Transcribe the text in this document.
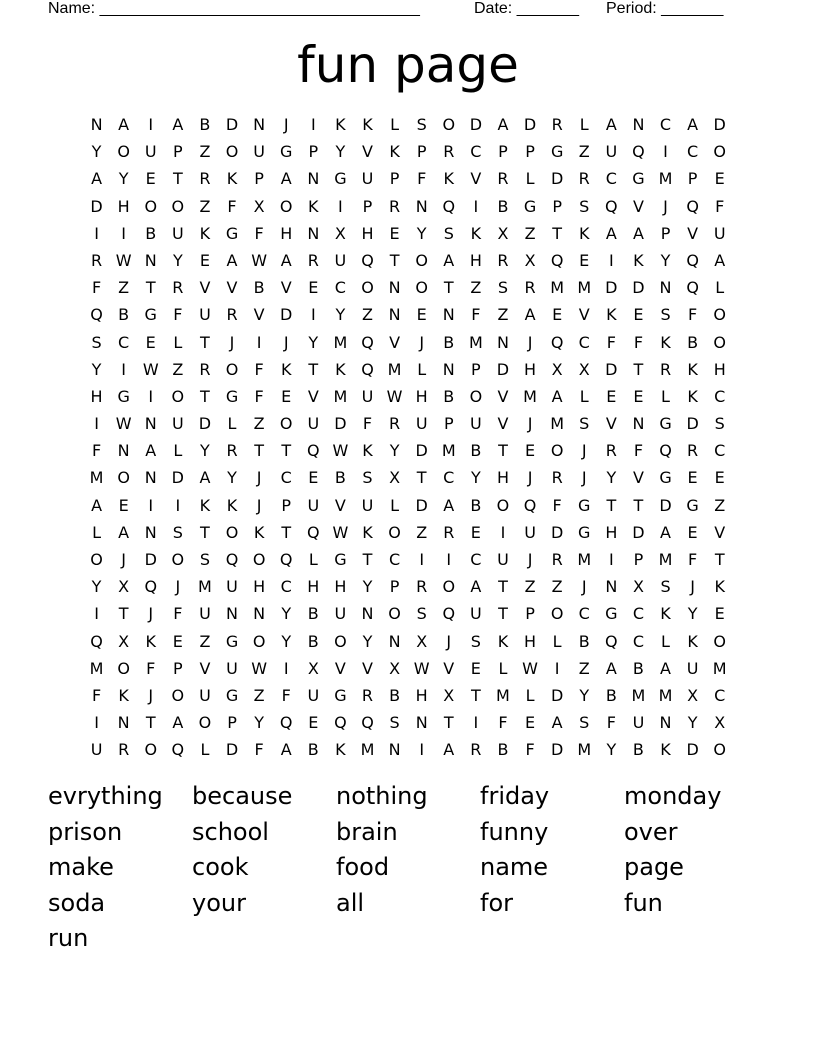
Name: ____________________________________	Date: _______ Period: _______
fun page
N A	I	A	B D N	J	I	K	K	L	S O D A D R	L	A N C	A D
Y O U	P	Z O U G	P	Y	V	K	P	R C	P	P	G Z U Q	I	C O
A	Y	E	T	R	K	P	A N G U	P	F	K	V	R	L	D R C G M P	E
D H O O Z	F	X O K	I	P	R N Q	I	B G	P	S Q V	J	Q	F
I	I	B U K G	F	H N X H	E	Y	S	K	X	Z	T	K	A	A	P	V U
R W N	Y	E	A W A	R U Q T O A H R	X Q E	I	K	Y Q A
F	Z	T	R	V	V	B	V	E	C O N O T	Z	S	R M M D D N Q	L
Q B G	F	U R	V D	I	Y	Z N	E	N	F	Z	A	E	V	K	E	S	F	O
S	C	E	L	T	J	I	J	Y M Q V	J	B M N	J	Q C	F	F	K	B O
Y	I	W Z	R O	F	K	T	K Q M L	N	P	D H X	X D	T	R	K H
H G	I	O T	G	F	E	V M U W H B O V M A	L	E	E	L	K	C
I	W N U D	L	Z O U D	F	R U	P	U V	J	M S	V N G D S
F	N A	L	Y	R	T	T Q W K	Y	D M B	T	E O	J	R	F	Q R C
M O N D A	Y	J	C	E	B	S	X	T	C	Y	H	J	R	J	Y	V G E	E
A	E	I	I	K	K	J	P	U V U	L	D A	B O Q	F	G	T	T	D G Z
L	A N	S	T O K	T Q W K O Z	R	E	I	U D G H D A	E	V
O	J	D O S Q O Q	L	G	T	C	I	I	C U	J	R M	I	P M F	T
Y	X Q	J	M U H C H H	Y	P	R O A	T	Z	Z	J	N X	S	J	K
I	T	J	F	U N N	Y	B U N O S Q U	T	P O C G C	K	Y	E
Q X	K	E	Z G O Y	B O Y	N X	J	S	K H	L	B Q C	L	K O
M O	F	P	V U W	I	X	V	V	X W V	E	L W	I	Z	A	B	A U M
F	K	J	O U G Z	F	U G R	B H X	T M L	D	Y	B M M X	C
I	N	T	A O P	Y Q E Q Q S	N	T	I	F	E	A	S	F	U N	Y	X
U R O Q	L	D	F	A	B	K M N	I	A	R	B	F	D M Y	B	K D O
evrything	because	nothing	friday	monday
prison	school	brain	funny	over
make	cook	food	name	page
soda	your	all	for	fun
run
